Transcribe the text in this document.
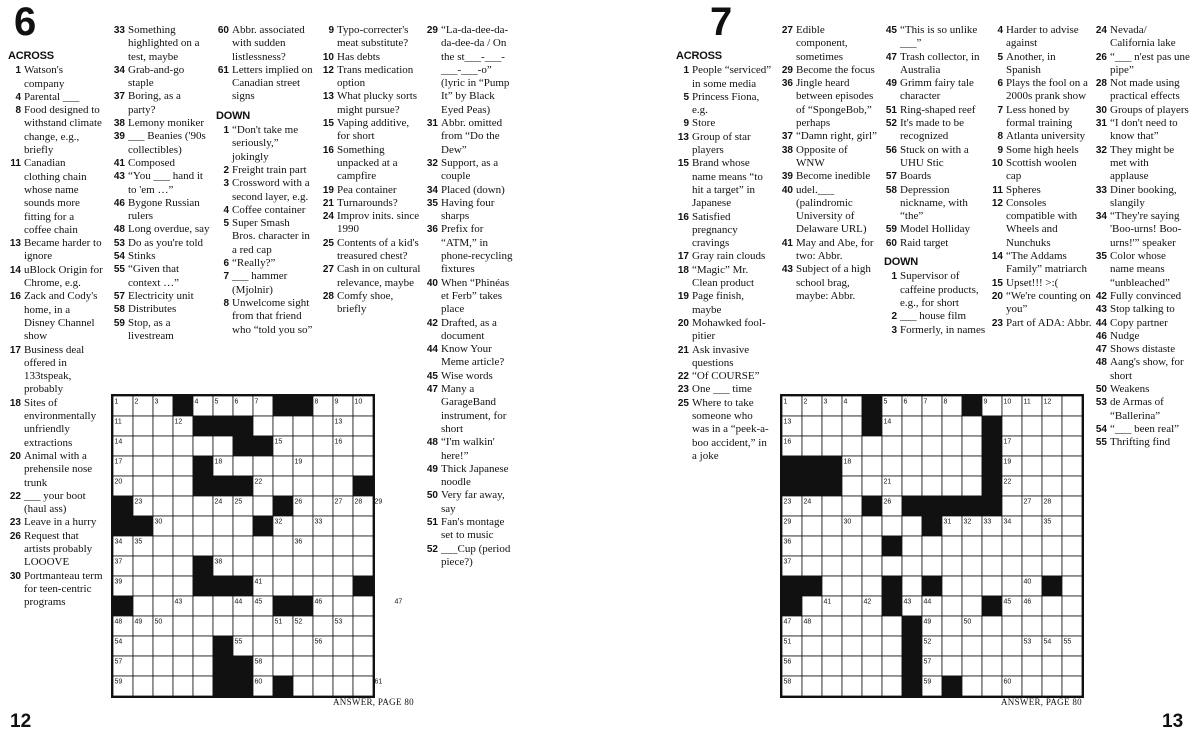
6
ACROSS
1 Watson's company
4 Parental ___
8 Food designed to withstand climate change, e.g., briefly
11 Canadian clothing chain whose name sounds more fitting for a coffee chain
13 Became harder to ignore
14 uBlock Origin for Chrome, e.g.
16 Zack and Cody's home, in a Disney Channel show
17 Business deal offered in 133tspeak, probably
18 Sites of environmentally unfriendly extractions
20 Animal with a prehensile nose trunk
22 ___ your boot (haul ass)
23 Leave in a hurry
26 Request that artists probably LOOOVE
30 Portmanteau term for teen-centric programs
33 Something highlighted on a test, maybe
34 Grab-and-go staple
37 Boring, as a party?
38 Lemony moniker
39 ___ Beanies ('90s collectibles)
41 Composed
43 “You ___ hand it to 'em …”
46 Bygone Russian rulers
48 Long overdue, say
53 Do as you're told
54 Stinks
55 “Given that context …”
57 Electricity unit
58 Distributes
59 Stop, as a livestream
60 Abbr. associated with sudden listlessness?
61 Letters implied on Canadian street signs
DOWN
1 “Don't take me seriously,” jokingly
2 Freight train part
3 Crossword with a second layer, e.g.
4 Coffee container
5 Super Smash Bros. character in a red cap
6 “Really?”
7 ___ hammer (Mjolnir)
8 Unwelcome sight from that friend who “told you so”
9 Typo-correcter's meat substitute?
10 Has debts
12 Trans medication option
13 What plucky sorts might pursue?
15 Vaping additive, for short
16 Something unpacked at a campfire
19 Pea container
21 Turnarounds?
24 Improv inits. since 1990
25 Contents of a kid's treasured chest?
27 Cash in on cultural relevance, maybe
28 Comfy shoe, briefly
29 “La-da-dee-da-da-dee-da / On the st___-___-___-___-o” (lyric in “Pump It” by Black Eyed Peas)
31 Abbr. omitted from “Do the Dew”
32 Support, as a couple
34 Placed (down)
35 Having four sharps
36 Prefix for “ATM,” in phone-recycling fixtures
40 When “Phinéas et Ferb” takes place
42 Drafted, as a document
44 Know Your Meme article?
45 Wise words
47 Many a GarageBand instrument, for short
48 “I'm walkin' here!”
49 Thick Japanese noodle
50 Very far away, say
51 Fan's montage set to music
52 ___Cup (period piece?)
1 2 3	4 5 6 7	8 9 10
11	12	13
14	15	16
17	18	19
20	21	22
23	24 25	26	27 28 29
30	31 32	33
34 35	36
37	38
39	40	41	42
43	44 45	46	47
48 49 50	51 52	53
54	55	56
57	58
59	60	61
ANSWER, PAGE 80
12
7
ACROSS
1 People “serviced” in some media
5 Princess Fiona, e.g.
9 Store
13 Group of star players
15 Brand whose name means “to hit a target” in Japanese
16 Satisfied pregnancy cravings
17 Gray rain clouds
18 “Magic” Mr. Clean product
19 Page finish, maybe
20 Mohawked fool-pitier
21 Ask invasive questions
22 “Of COURSE”
23 One ___ time
25 Where to take someone who was in a “peek-a-boo accident,” in a joke
27 Edible component, sometimes
29 Become the focus
36 Jingle heard between episodes of “SpongeBob,” perhaps
37 “Damn right, girl”
38 Opposite of WNW
39 Become inedible
40 udel.___ (palindromic University of Delaware URL)
41 May and Abe, for two: Abbr.
43 Subject of a high school brag, maybe: Abbr.
45 “This is so unlike ___”
47 Trash collector, in Australia
49 Grimm fairy tale character
51 Ring-shaped reef
52 It's made to be recognized
56 Stuck on with a UHU Stic
57 Boards
58 Depression nickname, with “the”
59 Model Holliday
60 Raid target
DOWN
1 Supervisor of caffeine products, e.g., for short
2 ___ house film
3 Formerly, in names
4 Harder to advise against
5 Another, in Spanish
6 Plays the fool on a 2000s prank show
7 Less honed by formal training
8 Atlanta university
9 Some high heels
10 Scottish woolen cap
11 Spheres
12 Consoles compatible with Wheels and Nunchuks
14 “The Addams Family” matriarch
15 Upset!!! >:(
20 “We're counting on you”
23 Part of ADA: Abbr.
24 Nevada/ California lake
26 “___ n'est pas une pipe”
28 Not made using practical effects
30 Groups of players
31 “I don't need to know that”
32 They might be met with applause
33 Diner booking, slangily
34 “They're saying 'Boo-urns! Boo-urns!'” speaker
35 Color whose name means “unbleached”
42 Fully convinced
43 Stop talking to
44 Copy partner
46 Nudge
47 Shows distaste
48 Aang's show, for short
50 Weakens
53 de Armas of “Ballerina”
54 “___ been real”
55 Thrifting find
1 2 3 4	5 6 7 8	9 10 11 12
13	14
16	17
18	19
20	21	22
23 24	25 26	27 28
29	30	31 32 33 34	35
36
37
38	39	40
41	42	43 44	45 46
47 48	49	50
51	52	53 54 55
56	57
58	59	60
ANSWER, PAGE 80
13
